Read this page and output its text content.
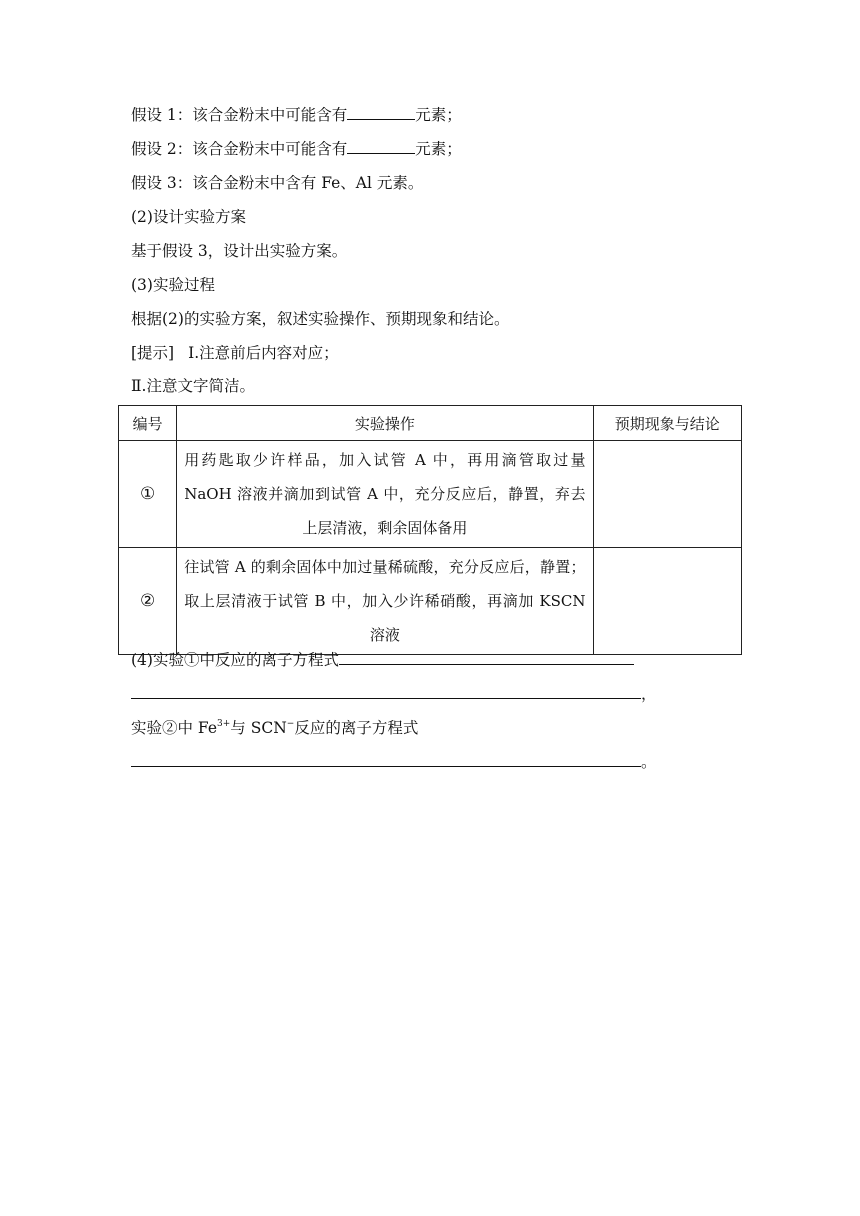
假设 1：该合金粉末中可能含有	元素；
假设 2：该合金粉末中可能含有	元素；
假设 3：该合金粉末中含有 Fe、Al 元素。
(2)设计实验方案
基于假设 3，设计出实验方案。
(3)实验过程
根据(2)的实验方案，叙述实验操作、预期现象和结论。
[提示] Ⅰ.注意前后内容对应；
Ⅱ.注意文字简洁。
编号	实验操作	预期现象与结论
①	用药匙取少许样品，加入试管 A 中，再用滴管取过量 NaOH 溶液并滴加到试管 A 中，充分反应后，静置，弃去上层清液，剩余固体备用	
②	往试管 A 的剩余固体中加过量稀硫酸，充分反应后，静置；取上层清液于试管 B 中，加入少许稀硝酸，再滴加 KSCN 溶液	
(4)实验①中反应的离子方程式
，
实验②中 $Fe^{3+}$与 SCN−反应的离子方程式
。
